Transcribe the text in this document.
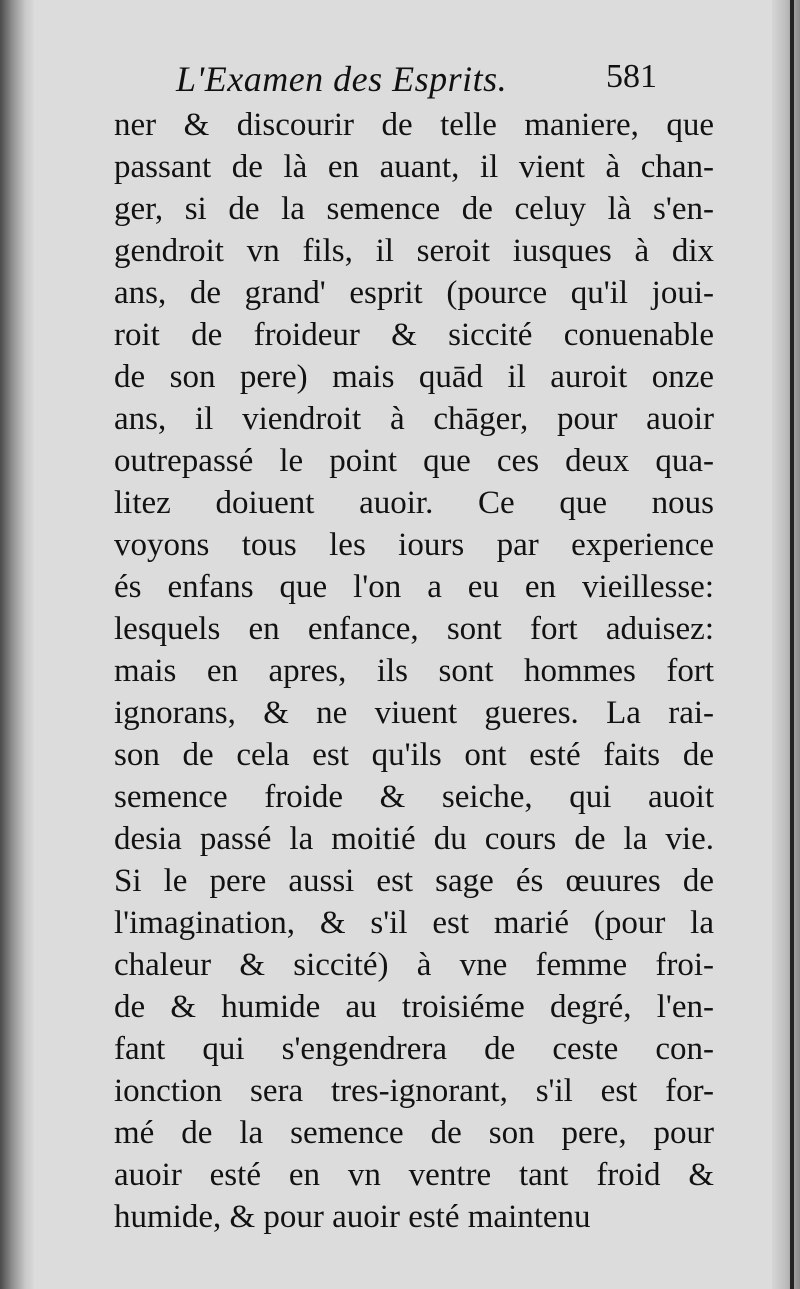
L'Examen des Esprits.	581
ner & discourir de telle maniere, que
passant de là en auant, il vient à chan-
ger, si de la semence de celuy là s'en-
gendroit vn fils, il seroit iusques à dix
ans, de grand' esprit (pource qu'il joui-
roit de froideur & siccité conuenable
de son pere) mais quād il auroit onze
ans, il viendroit à chāger, pour auoir
outrepassé le point que ces deux qua-
litez doiuent auoir. Ce que nous
voyons tous les iours par experience
és enfans que l'on a eu en vieillesse:
lesquels en enfance, sont fort aduisez:
mais en apres, ils sont hommes fort
ignorans, & ne viuent gueres. La rai-
son de cela est qu'ils ont esté faits de
semence froide & seiche, qui auoit
desia passé la moitié du cours de la vie.
Si le pere aussi est sage és œuures de
l'imagination, & s'il est marié (pour la
chaleur & siccité) à vne femme froi-
de & humide au troisiéme degré, l'en-
fant qui s'engendrera de ceste con-
ionction sera tres-ignorant, s'il est for-
mé de la semence de son pere, pour
auoir esté en vn ventre tant froid &
humide, & pour auoir esté maintenu
